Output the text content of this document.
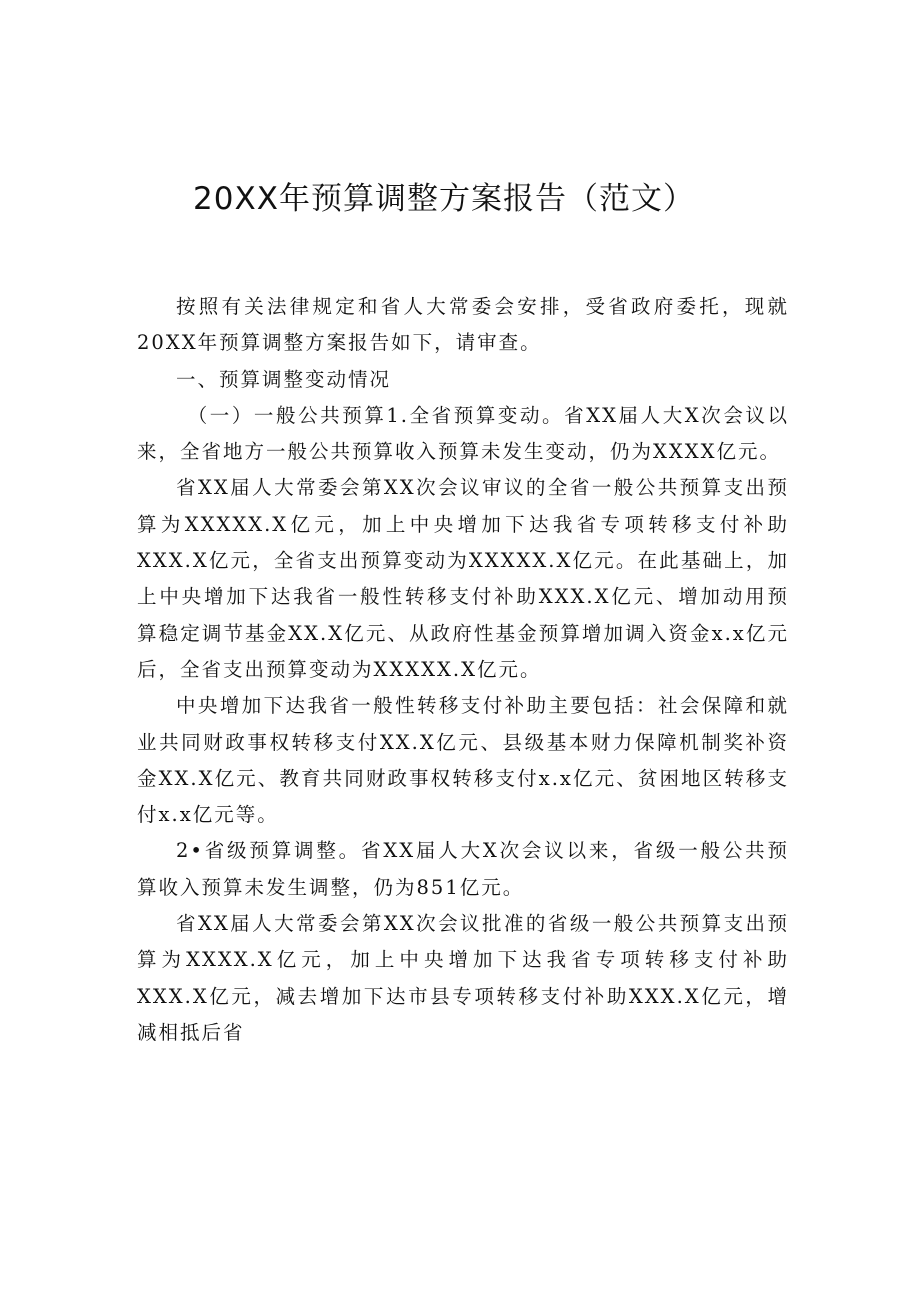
20XX年预算调整方案报告（范文）

按照有关法律规定和省人大常委会安排，受省政府委托，现就20XX年预算调整方案报告如下，请审查。

一、预算调整变动情况

（一）一般公共预算1.全省预算变动。省XX届人大X次会议以来，全省地方一般公共预算收入预算未发生变动，仍为XXXX亿元。

省XX届人大常委会第XX次会议审议的全省一般公共预算支出预算为XXXXX.X亿元，加上中央增加下达我省专项转移支付补助XXX.X亿元，全省支出预算变动为XXXXX.X亿元。在此基础上，加上中央增加下达我省一般性转移支付补助XXX.X亿元、增加动用预算稳定调节基金XX.X亿元、从政府性基金预算增加调入资金x.x亿元后，全省支出预算变动为XXXXX.X亿元。

中央增加下达我省一般性转移支付补助主要包括：社会保障和就业共同财政事权转移支付XX.X亿元、县级基本财力保障机制奖补资金XX.X亿元、教育共同财政事权转移支付x.x亿元、贫困地区转移支付x.x亿元等。

2•省级预算调整。省XX届人大X次会议以来，省级一般公共预算收入预算未发生调整，仍为851亿元。

省XX届人大常委会第XX次会议批准的省级一般公共预算支出预算为XXXX.X亿元，加上中央增加下达我省专项转移支付补助XXX.X亿元，减去增加下达市县专项转移支付补助XXX.X亿元，增减相抵后省
